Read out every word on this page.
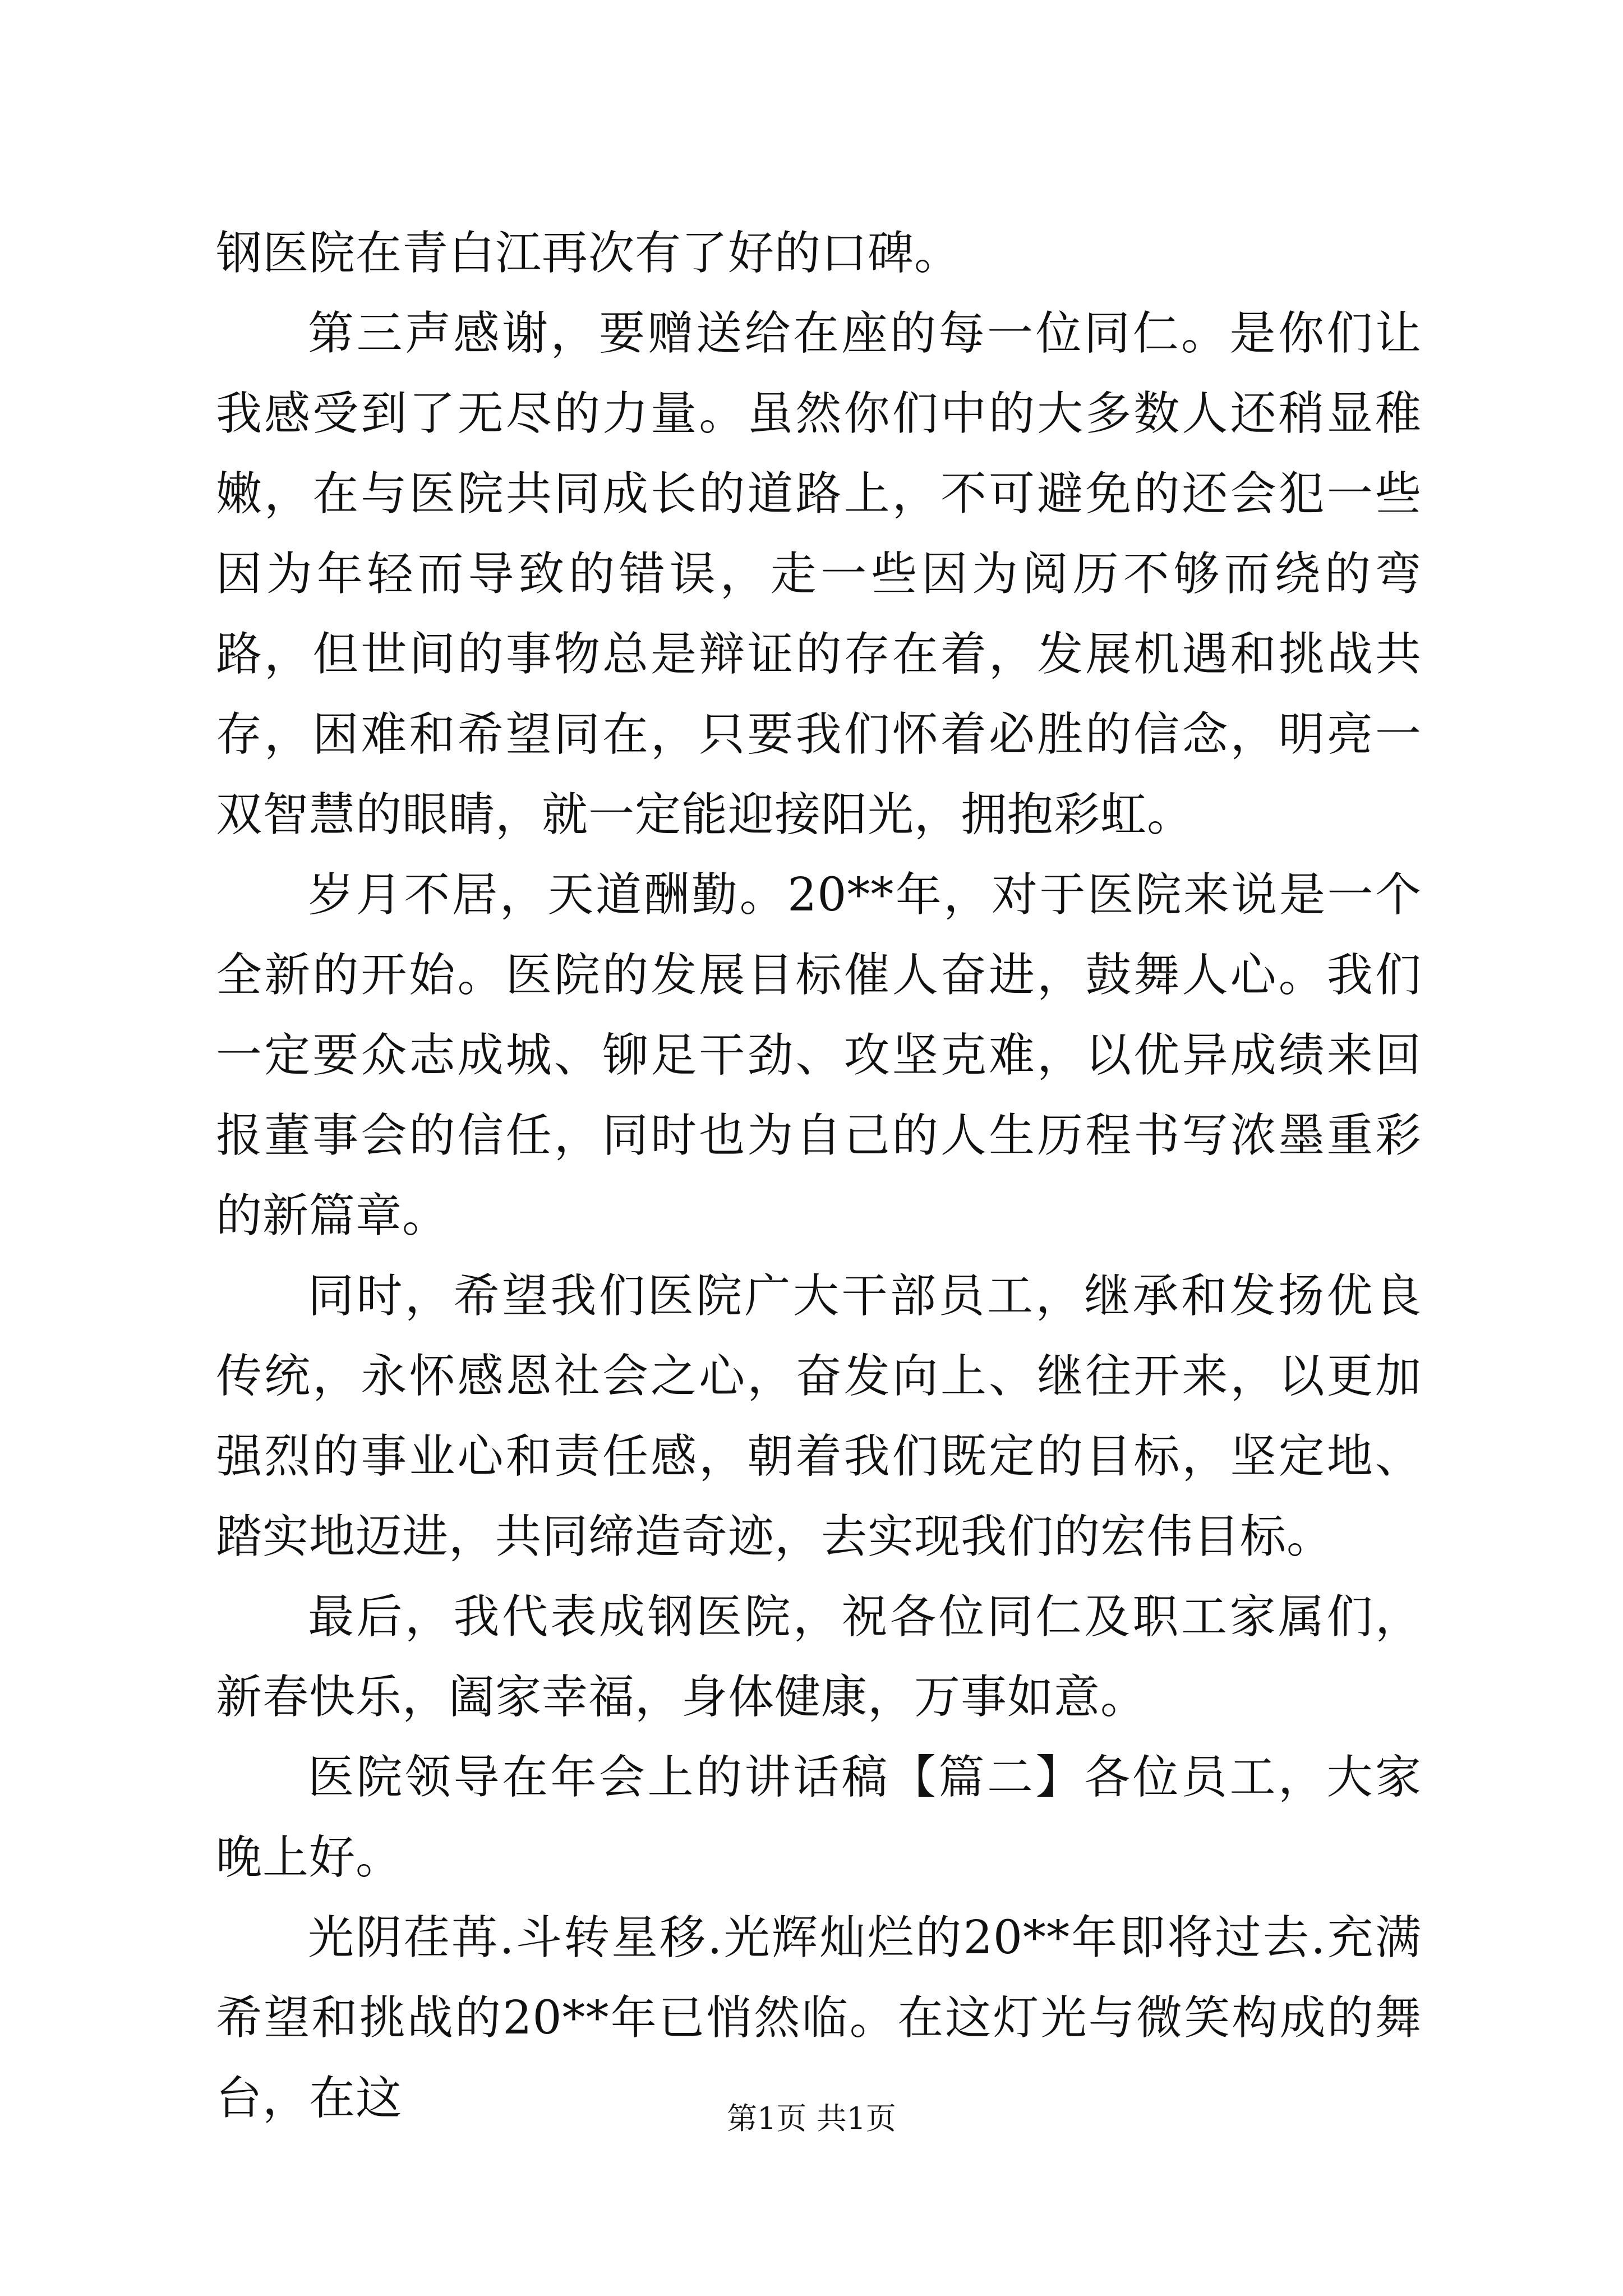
钢医院在青白江再次有了好的口碑。

第三声感谢，要赠送给在座的每一位同仁。是你们让我感受到了无尽的力量。虽然你们中的大多数人还稍显稚嫩，在与医院共同成长的道路上，不可避免的还会犯一些因为年轻而导致的错误，走一些因为阅历不够而绕的弯路，但世间的事物总是辩证的存在着，发展机遇和挑战共存，困难和希望同在，只要我们怀着必胜的信念，明亮一双智慧的眼睛，就一定能迎接阳光，拥抱彩虹。

岁月不居，天道酬勤。20**年，对于医院来说是一个全新的开始。医院的发展目标催人奋进，鼓舞人心。我们一定要众志成城、铆足干劲、攻坚克难，以优异成绩来回报董事会的信任，同时也为自己的人生历程书写浓墨重彩的新篇章。

同时，希望我们医院广大干部员工，继承和发扬优良传统，永怀感恩社会之心，奋发向上、继往开来，以更加强烈的事业心和责任感，朝着我们既定的目标，坚定地、踏实地迈进，共同缔造奇迹，去实现我们的宏伟目标。

最后，我代表成钢医院，祝各位同仁及职工家属们，新春快乐，阖家幸福，身体健康，万事如意。

医院领导在年会上的讲话稿【篇二】各位员工，大家晚上好。

光阴荏苒.斗转星移.光辉灿烂的20**年即将过去.充满希望和挑战的20**年已悄然临。在这灯光与微笑构成的舞台，在这	第1页 共1页
